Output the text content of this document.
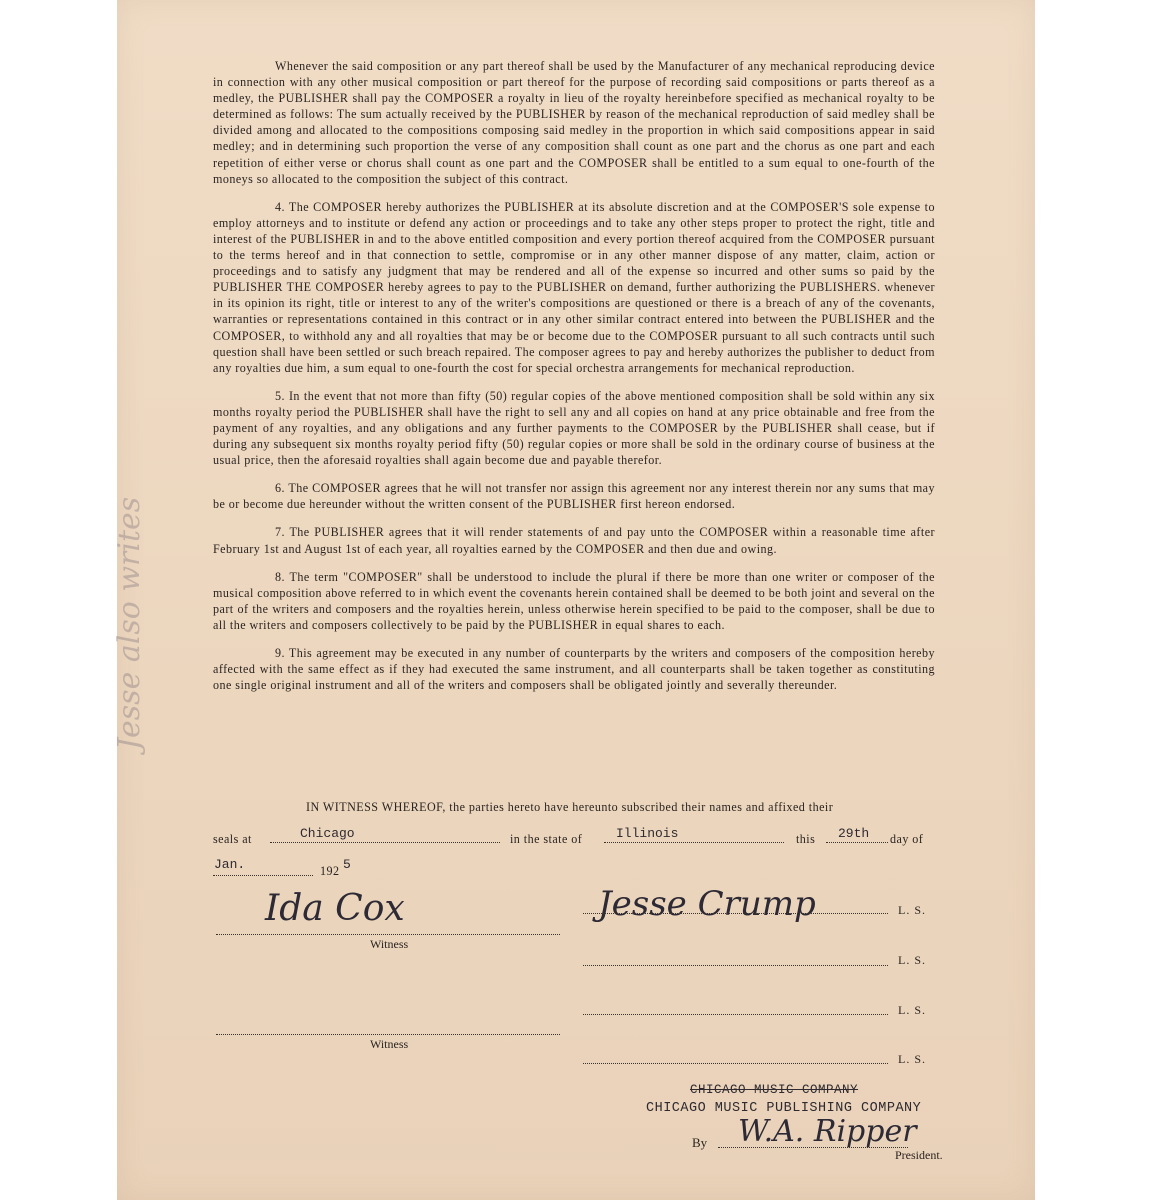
Jesse also writes

Whenever the said composition or any part thereof shall be used by the Manufacturer of any mechanical reproducing device in connection with any other musical composition or part thereof for the purpose of recording said compositions or parts thereof as a medley, the PUBLISHER shall pay the COMPOSER a royalty in lieu of the royalty hereinbefore specified as mechanical royalty to be determined as follows: The sum actually received by the PUBLISHER by reason of the mechanical reproduction of said medley shall be divided among and allocated to the compositions composing said medley in the proportion in which said compositions appear in said medley; and in determining such proportion the verse of any composition shall count as one part and the chorus as one part and each repetition of either verse or chorus shall count as one part and the COMPOSER shall be entitled to a sum equal to one-fourth of the moneys so allocated to the composition the subject of this contract.

4. The COMPOSER hereby authorizes the PUBLISHER at its absolute discretion and at the COMPOSER'S sole expense to employ attorneys and to institute or defend any action or proceedings and to take any other steps proper to protect the right, title and interest of the PUBLISHER in and to the above entitled composition and every portion thereof acquired from the COMPOSER pursuant to the terms hereof and in that connection to settle, compromise or in any other manner dispose of any matter, claim, action or proceedings and to satisfy any judgment that may be rendered and all of the expense so incurred and other sums so paid by the PUBLISHER THE COMPOSER hereby agrees to pay to the PUBLISHER on demand, further authorizing the PUBLISHERS. whenever in its opinion its right, title or interest to any of the writer's compositions are questioned or there is a breach of any of the covenants, warranties or representations contained in this contract or in any other similar contract entered into between the PUBLISHER and the COMPOSER, to withhold any and all royalties that may be or become due to the COMPOSER pursuant to all such contracts until such question shall have been settled or such breach repaired. The composer agrees to pay and hereby authorizes the publisher to deduct from any royalties due him, a sum equal to one-fourth the cost for special orchestra arrangements for mechanical reproduction.

5. In the event that not more than fifty (50) regular copies of the above mentioned composition shall be sold within any six months royalty period the PUBLISHER shall have the right to sell any and all copies on hand at any price obtainable and free from the payment of any royalties, and any obligations and any further payments to the COMPOSER by the PUBLISHER shall cease, but if during any subsequent six months royalty period fifty (50) regular copies or more shall be sold in the ordinary course of business at the usual price, then the aforesaid royalties shall again become due and payable therefor.

6. The COMPOSER agrees that he will not transfer nor assign this agreement nor any interest therein nor any sums that may be or become due hereunder without the written consent of the PUBLISHER first hereon endorsed.

7. The PUBLISHER agrees that it will render statements of and pay unto the COMPOSER within a reasonable time after February 1st and August 1st of each year, all royalties earned by the COMPOSER and then due and owing.

8. The term "COMPOSER" shall be understood to include the plural if there be more than one writer or composer of the musical composition above referred to in which event the covenants herein contained shall be deemed to be both joint and several on the part of the writers and composers and the royalties herein, unless otherwise herein specified to be paid to the composer, shall be due to all the writers and composers collectively to be paid by the PUBLISHER in equal shares to each.

9. This agreement may be executed in any number of counterparts by the writers and composers of the composition hereby affected with the same effect as if they had executed the same instrument, and all counterparts shall be taken together as constituting one single original instrument and all of the writers and composers shall be obligated jointly and severally thereunder.

IN WITNESS WHEREOF, the parties hereto have hereunto subscribed their names and affixed their
seals at	Chicago	in the state of	Illinois	this 29th day of
Jan.	192 5
Ida Cox
Witness
Witness
Jesse Crump	L. S.
L. S.
L. S.
L. S.
CHICAGO MUSIC COMPANY
CHICAGO MUSIC PUBLISHING COMPANY
By W.A. Ripper
President.
